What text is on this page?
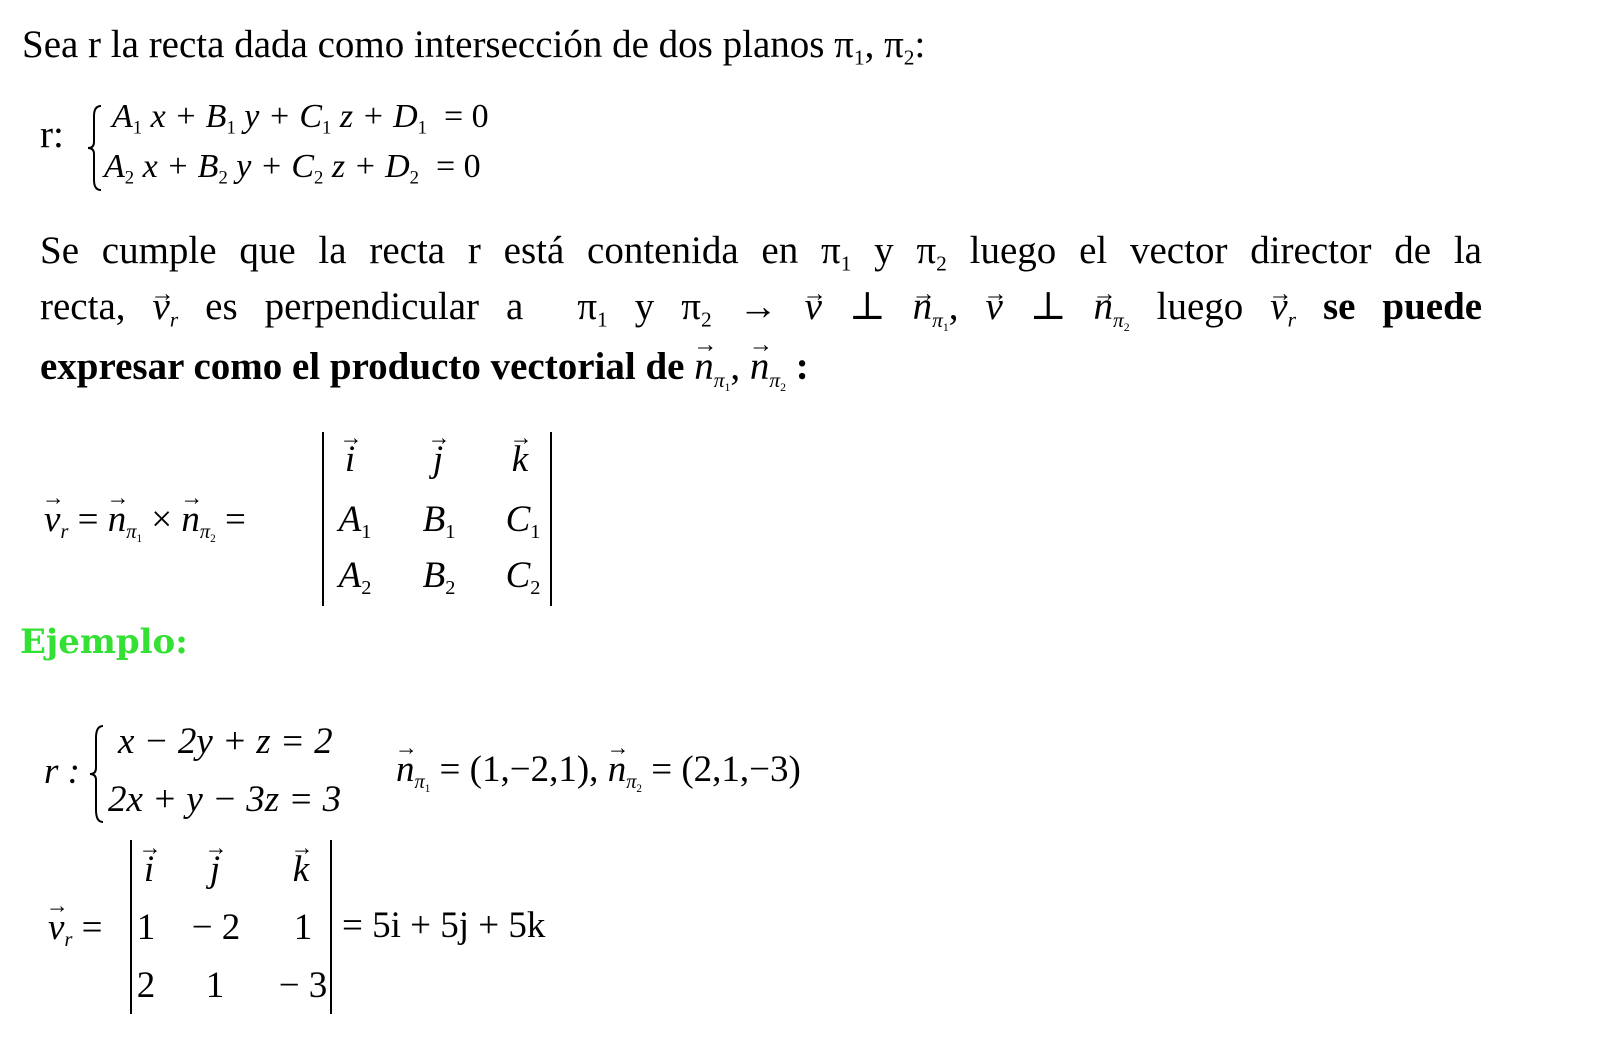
Sea r la recta dada como intersección de dos planos $\pi_1$, $\pi_2$:
r: $A_1$ $x + B_1$ $y + C_1$ $z + D_1 = 0$
$A_2$ $x + B_2$ $y + C_2$ $z + D_2 = 0$
Se cumple que la recta r está contenida en $\pi_1$ y $\pi_2$ luego el vector director de la
recta, → $v_r$ es perpendicular a $\pi_1$ y $\pi_2$ → → v ⊥ → $n_{\pi_1}$, → v ⊥ → $n_{\pi_2}$ luego → $v_r$ se puede
expresar como el producto vectorial de → $n_{\pi_1}$, → $n_{\pi_2}$ :
→ $v_r$ = → $n_{\pi_1}$ × → $n_{\pi_2}$ =
→ i	→ j	→ k
$A_1$ $B_1$ $C_1$
$A_2$ $B_2$ $C_2$
Ejemplo:
r :
x − 2y + z = 2
2x + y − 3z = 3
→ $n_{\pi_1} = (1,-2,1)$, → $n_{\pi_2} = (2,1,-3)$
→ $v_r$ =
→ i → j → k
1 − 2 1
2 1 − 3
= 5i + 5j + 5k
